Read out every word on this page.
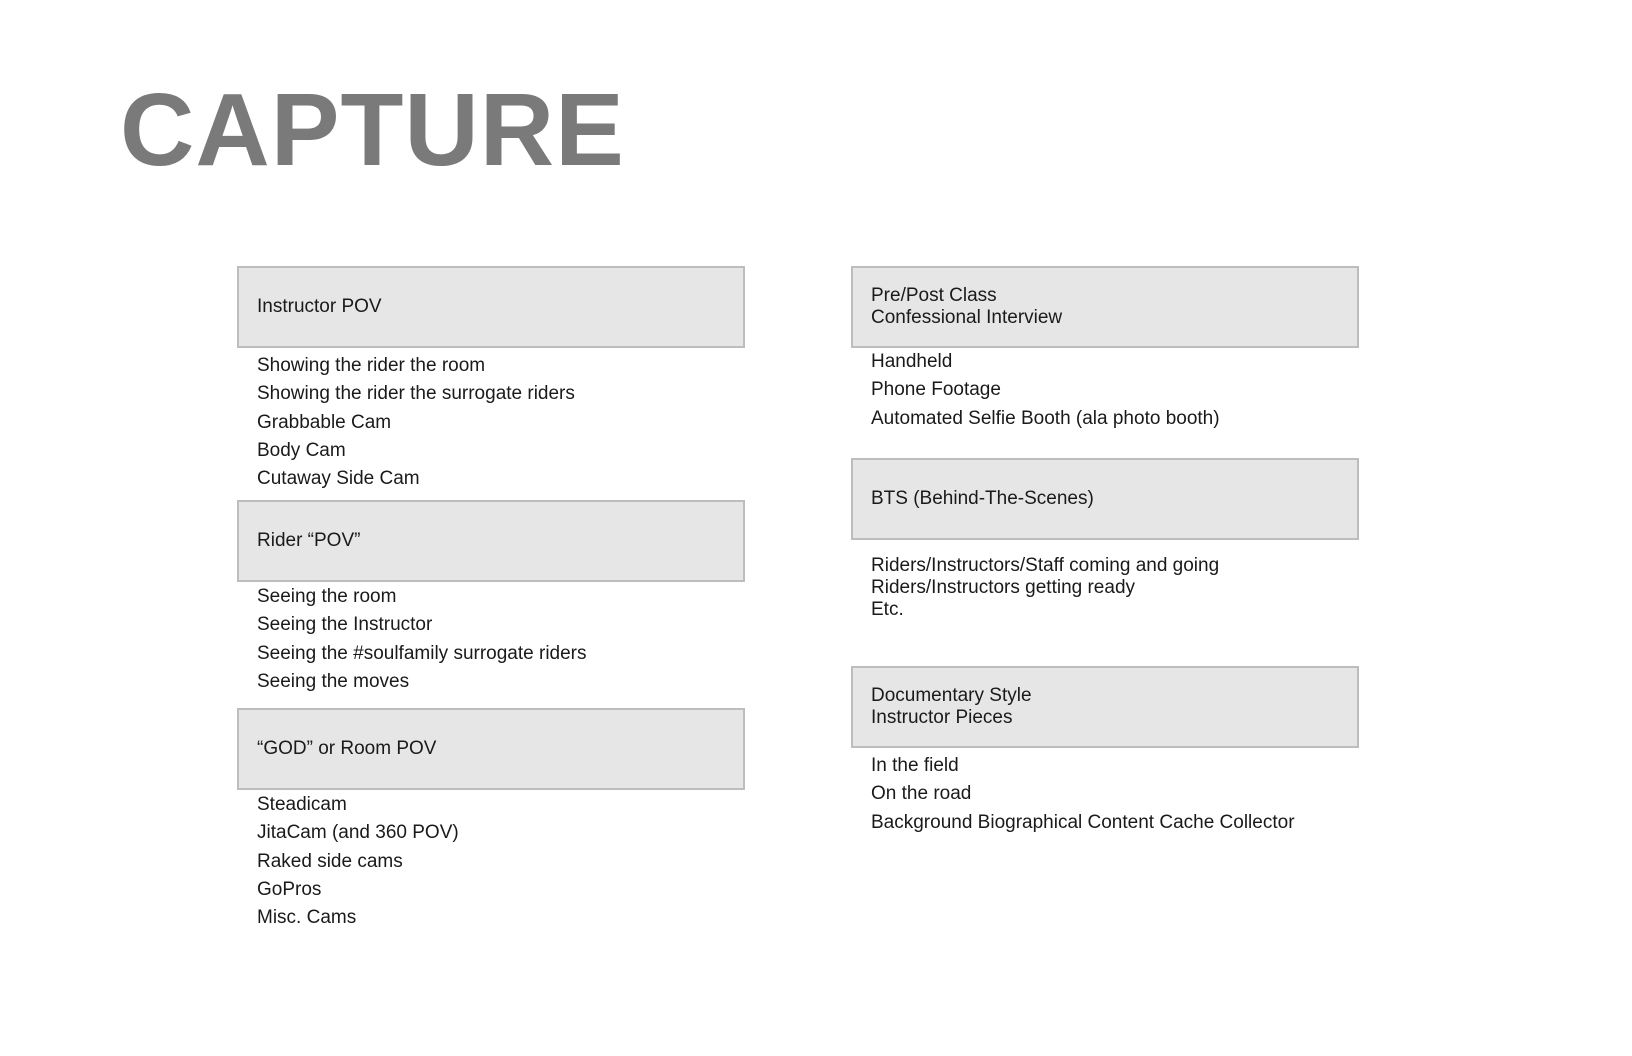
CAPTURE
Instructor POV
Showing the rider the room
Showing the rider the surrogate riders
Grabbable Cam
Body Cam
Cutaway Side Cam
Rider “POV”
Seeing the room
Seeing the Instructor
Seeing the #soulfamily surrogate riders
Seeing the moves
“GOD” or Room POV
Steadicam
JitaCam (and 360 POV)
Raked side cams
GoPros
Misc. Cams
Pre/Post Class
Confessional Interview
Handheld
Phone Footage
Automated Selfie Booth (ala photo booth)
BTS (Behind-The-Scenes)
Riders/Instructors/Staff coming and going
Riders/Instructors getting ready
Etc.
Documentary Style
Instructor Pieces
In the field
On the road
Background Biographical Content Cache Collector
